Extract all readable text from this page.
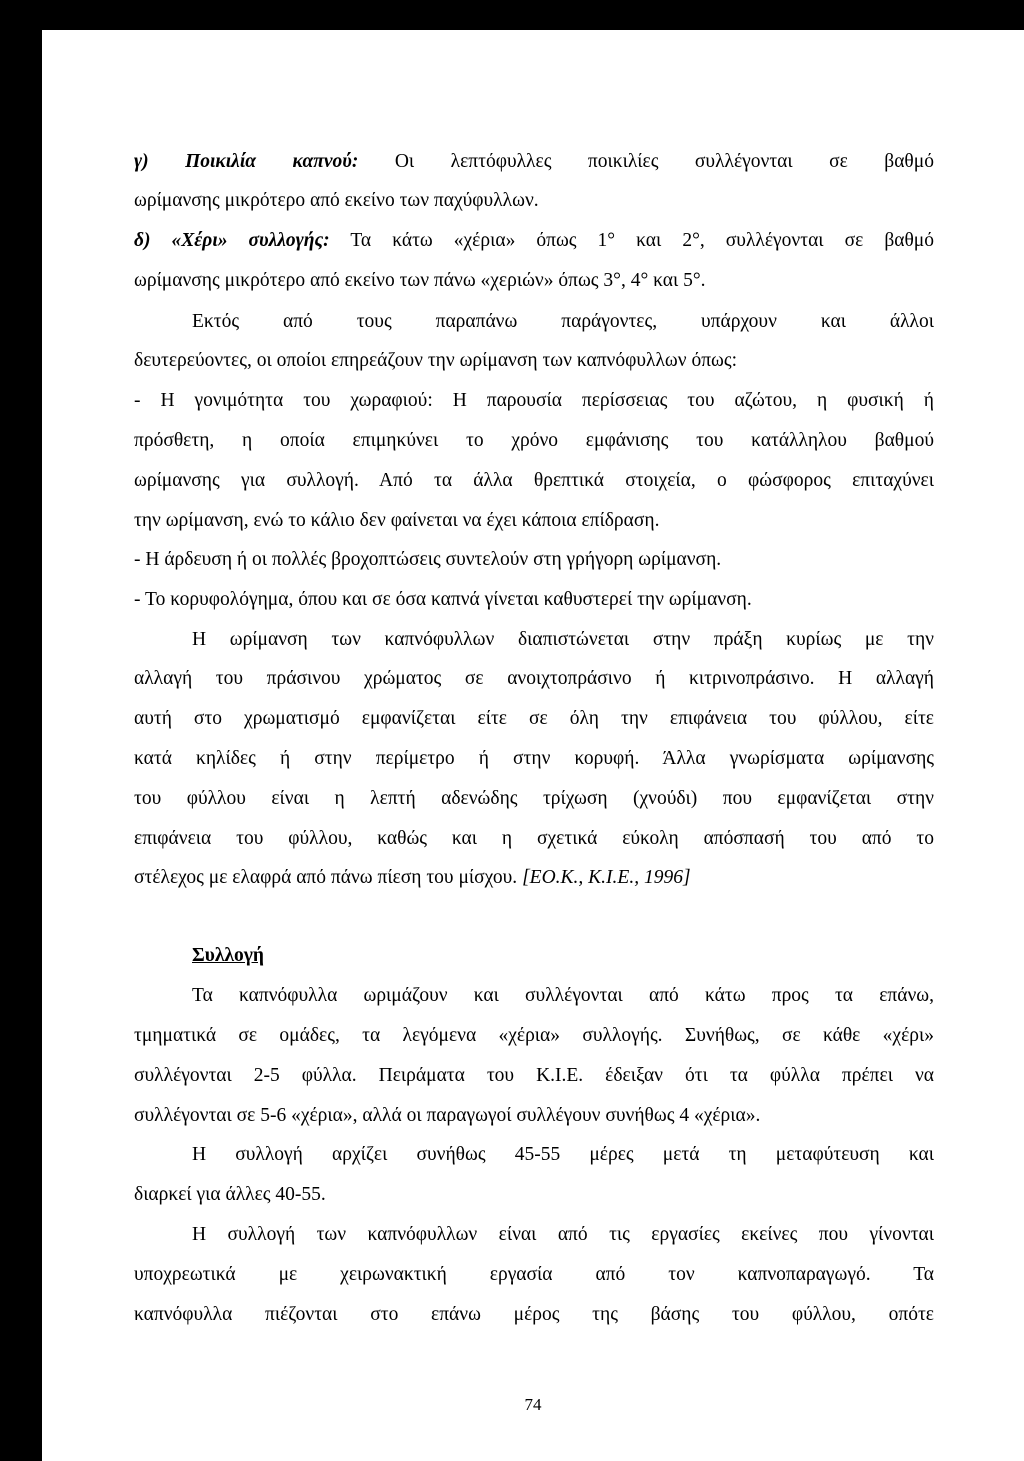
γ) Ποικιλία καπνού: Οι λεπτόφυλλες ποικιλίες συλλέγονται σε βαθμό
ωρίμανσης μικρότερο από εκείνο των παχύφυλλων.
δ) «Χέρι» συλλογής: Τα κάτω «χέρια» όπως 1° και 2°, συλλέγονται σε βαθμό
ωρίμανσης μικρότερο από εκείνο των πάνω «χεριών» όπως 3°, 4° και 5°.
Εκτός από τους παραπάνω παράγοντες, υπάρχουν και άλλοι
δευτερεύοντες, οι οποίοι επηρεάζουν την ωρίμανση των καπνόφυλλων όπως:
- Η γονιμότητα του χωραφιού: Η παρουσία περίσσειας του αζώτου, η φυσική ή
πρόσθετη, η οποία επιμηκύνει το χρόνο εμφάνισης του κατάλληλου βαθμού
ωρίμανσης για συλλογή. Από τα άλλα θρεπτικά στοιχεία, ο φώσφορος επιταχύνει
την ωρίμανση, ενώ το κάλιο δεν φαίνεται να έχει κάποια επίδραση.
- Η άρδευση ή οι πολλές βροχοπτώσεις συντελούν στη γρήγορη ωρίμανση.
- Το κορυφολόγημα, όπου και σε όσα καπνά γίνεται καθυστερεί την ωρίμανση.
Η ωρίμανση των καπνόφυλλων διαπιστώνεται στην πράξη κυρίως με την
αλλαγή του πράσινου χρώματος σε ανοιχτοπράσινο ή κιτρινοπράσινο. Η αλλαγή
αυτή στο χρωματισμό εμφανίζεται είτε σε όλη την επιφάνεια του φύλλου, είτε
κατά κηλίδες ή στην περίμετρο ή στην κορυφή. Άλλα γνωρίσματα ωρίμανσης
του φύλλου είναι η λεπτή αδενώδης τρίχωση (χνούδι) που εμφανίζεται στην
επιφάνεια του φύλλου, καθώς και η σχετικά εύκολη απόσπασή του από το
στέλεχος με ελαφρά από πάνω πίεση του μίσχου. [ΕΟ.Κ., Κ.Ι.Ε., 1996]
Συλλογή
Τα καπνόφυλλα ωριμάζουν και συλλέγονται από κάτω προς τα επάνω,
τμηματικά σε ομάδες, τα λεγόμενα «χέρια» συλλογής. Συνήθως, σε κάθε «χέρι»
συλλέγονται 2-5 φύλλα. Πειράματα του Κ.Ι.Ε. έδειξαν ότι τα φύλλα πρέπει να
συλλέγονται σε 5-6 «χέρια», αλλά οι παραγωγοί συλλέγουν συνήθως 4 «χέρια».
Η συλλογή αρχίζει συνήθως 45-55 μέρες μετά τη μεταφύτευση και
διαρκεί για άλλες 40-55.
Η συλλογή των καπνόφυλλων είναι από τις εργασίες εκείνες που γίνονται
υποχρεωτικά με χειρωνακτική εργασία από τον καπνοπαραγωγό. Τα
καπνόφυλλα πιέζονται στο επάνω μέρος της βάσης του φύλλου, οπότε
74
